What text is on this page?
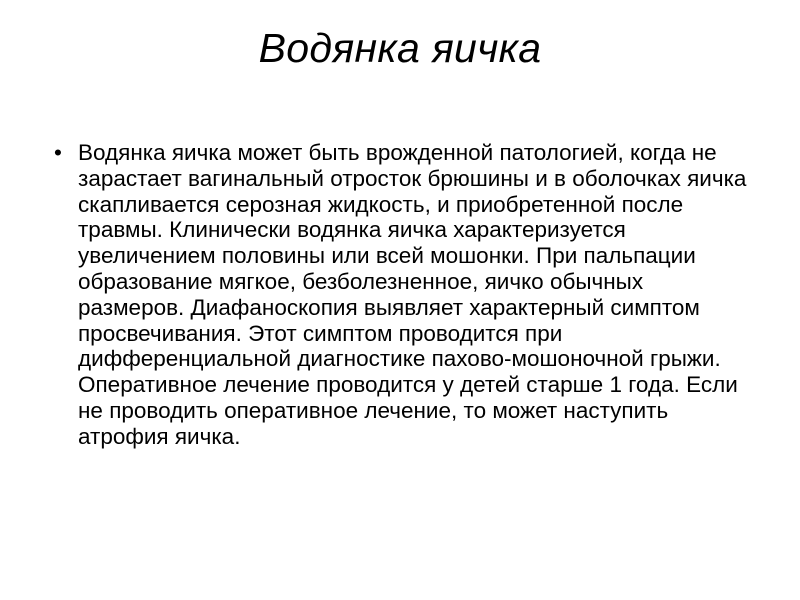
Водянка яичка
• Водянка яичка может быть врожденной патологией, когда не зарастает вагинальный отросток брюшины и в оболочках яичка скапливается серозная жидкость, и приобретенной после травмы. Клинически водянка яичка характеризуется увеличением половины или всей мошонки. При пальпации образование мягкое, безболезненное, яичко обычных размеров. Диафаноскопия выявляет характерный симптом просвечивания. Этот симптом проводится при дифференциальной диагностике пахово-мошоночной грыжи. Оперативное лечение проводится у детей старше 1 года. Если не проводить оперативное лечение, то может наступить атрофия яичка.
